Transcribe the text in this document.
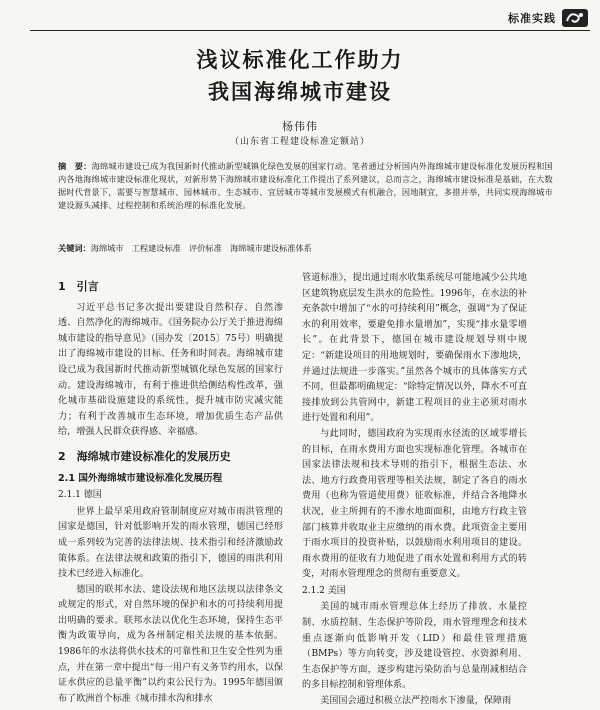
标准实践
浅议标准化工作助力
我国海绵城市建设
杨伟伟
（山东省工程建设标准定额站）
摘　要：海绵城市建设已成为我国新时代推动新型城镇化绿色发展的国家行动。笔者通过分析国内外海绵城市建设标准化发展历程和国内各地海绵城市建设标准化现状，对新形势下海绵城市建设标准化工作提出了系列建议，总而言之，海绵城市建设标准是基础，在大数据时代背景下，需要与智慧城市、园林城市、生态城市、宜居城市等城市发展模式有机融合，因地制宜，多措并举，共同实现海绵城市建设源头减排、过程控制和系统治理的标准化发展。
关键词：海绵城市　工程建设标准　评价标准　海绵城市建设标准体系
1　引言

习近平总书记多次提出要建设自然积存、自然渗透、自然净化的海绵城市。《国务院办公厅关于推进海绵城市建设的指导意见》（国办发〔2015〕75号）明确提出了海绵城市建设的目标、任务和时间表。海绵城市建设已成为我国新时代推动新型城镇化绿色发展的国家行动。建设海绵城市，有利于推进供给侧结构性改革，强化城市基础设施建设的系统性，提升城市防灾减灾能力；有利于改善城市生态环境，增加优质生态产品供给，增强人民群众获得感、幸福感。

2　海绵城市建设标准化的发展历史
2.1 国外海绵城市建设标准化发展历程
2.1.1 德国

世界上最早采用政府管制制度应对城市雨洪管理的国家是德国，针对低影响开发的雨水管理，德国已经形成一系列较为完善的法律法规、技术指引和经济激励政策体系。在法律法规和政策的指引下，德国的雨洪利用技术已经进入标准化。

德国的联邦水法、建设法规和地区法规以法律条文或规定的形式，对自然环境的保护和水的可持续利用提出明确的要求。联邦水法以优化生态环境，保持生态平衡为政策导向，成为各州制定相关法规的基本依据。1986年的水法将供水技术的可靠性和卫生安全性列为重点，并在第一章中提出“每一用户有义务节约用水，以保证水供应的总量平衡”以约束公民行为。1995年德国颁布了欧洲首个标准《城市排水沟和排水

管道标准》，提出通过雨水收集系统尽可能地减少公共地区建筑物底层发生洪水的危险性。1996年，在水法的补充条款中增加了“水的可持续利用”概念，强调“为了保证水的利用效率，要避免排水量增加”，实现“排水量零增长”。在此背景下，德国在城市建设规划导则中规定：“新建设项目的用地规划时，要确保雨水下渗地块，并通过法规进一步落实。”虽然各个城市的具体落实方式不同，但最都明确规定：“除特定情况以外，降水不可直接排放到公共管网中，新建工程项目的业主必须对雨水进行处置和利用”。

与此同时，德国政府为实现雨水径流的区域零增长的目标，在雨水费用方面也实现标准化管理。各城市在国家法律法规和技术导则的指引下，根据生态法、水法、地方行政费用管理等相关法规，制定了各自的雨水费用（也称为管道使用费）征收标准，并结合各地降水状况，业主所拥有的不渗水地面面积，由地方行政主管部门核算并收取业主应缴纳的雨水费。此项资金主要用于雨水项目的投资补贴，以鼓励雨水利用项目的建设。雨水费用的征收有力地促进了雨水处置和利用方式的转变，对雨水管理理念的贯彻有重要意义。

2.1.2 美国

美国的城市雨水管理总体上经历了排放、水量控制、水质控制、生态保护等阶段，雨水管理理念和技术重点逐渐向低影响开发（LID）和最佳管理措施（BMPs）等方向转变，涉及建设管控、水资源利用、生态保护等方面，逐步构建污染防治与总量削减相结合的多目标控制和管理体系。

美国国会通过积极立法严控雨水下渗量，保障雨
